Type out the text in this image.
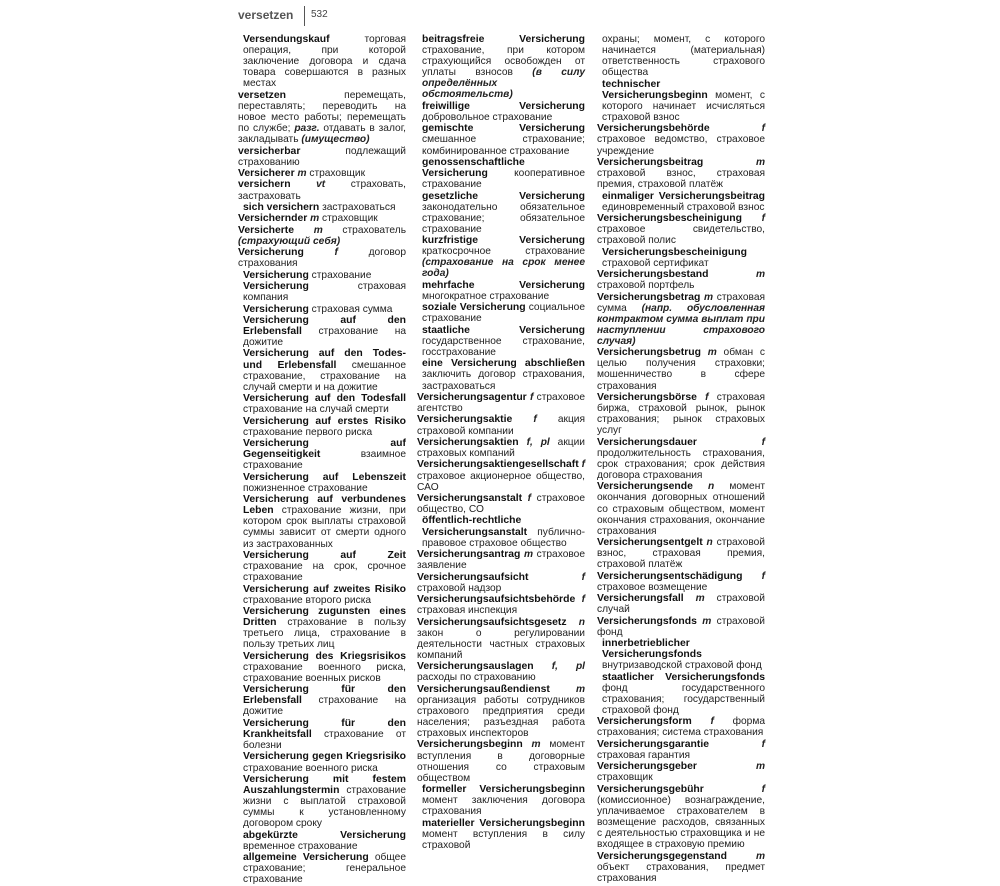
versetzen 532
Versendungskauf торговая операция, при которой заключение договора и сдача товара совершаются в разных местах
versetzen перемещать, переставлять; переводить на новое место работы; перемещать по службе; разг. отдавать в залог, закладывать (имущество)
versicherbar подлежащий страхованию
Versicherer m страховщик
versichern vt страховать, застраховать
sich versichern застраховаться
Versichernder m страховщик
Versicherte m страхователь (страхующий себя)
Versicherung f договор страхования
Versicherung страхование
Versicherung страховая компания
Versicherung страховая сумма
Versicherung auf den Erlebensfall страхование на дожитие
Versicherung auf den Todes- und Erlebensfall смешанное страхование, страхование на случай смерти и на дожитие
Versicherung auf den Todesfall страхование на случай смерти
Versicherung auf erstes Risiko страхование первого риска
Versicherung auf Gegenseitigkeit взаимное страхование
Versicherung auf Lebenszeit пожизненное страхование
Versicherung auf verbundenes Leben страхование жизни, при котором срок выплаты страховой суммы зависит от смерти одного из застрахованных
Versicherung auf Zeit страхование на срок, срочное страхование
Versicherung auf zweites Risiko страхование второго риска
Versicherung zugunsten eines Dritten страхование в пользу третьего лица, страхование в пользу третьих лиц
Versicherung des Kriegsrisikos страхование военного риска, страхование военных рисков
Versicherung für den Erlebensfall страхование на дожитие
Versicherung für den Krankheitsfall страхование от болезни
Versicherung gegen Kriegsrisiko страхование военного риска
Versicherung mit festem Auszahlungstermin страхование жизни с выплатой страховой суммы к установленному договором сроку
abgekürzte Versicherung временное страхование
allgemeine Versicherung общее страхование; генеральное страхование
beitragsfreie Versicherung страхование, при котором страхующийся освобожден от уплаты взносов (в силу определённых обстоятельств)
freiwillige Versicherung добровольное страхование
gemischte Versicherung смешанное страхование; комбинированное страхование
genossenschaftliche Versicherung кооперативное страхование
gesetzliche Versicherung законодательно обязательное страхование; обязательное страхование
kurzfristige Versicherung краткосрочное страхование (страхование на срок менее года)
mehrfache Versicherung многократное страхование
soziale Versicherung социальное страхование
staatliche Versicherung государственное страхование, госстрахование
eine Versicherung abschließen заключить договор страхования, застраховаться
Versicherungsagentur f страховое агентство
Versicherungsaktie f акция страховой компании
Versicherungsaktien f, pl акции страховых компаний
Versicherungsaktiengesellschaft f страховое акционерное общество, САО
Versicherungsanstalt f страховое общество, СО
öffentlich-rechtliche Versicherungsanstalt публично-правовое страховое общество
Versicherungsantrag m страховое заявление
Versicherungsaufsicht f страховой надзор
Versicherungsaufsichtsbehörde f страховая инспекция
Versicherungsaufsichtsgesetz n закон о регулировании деятельности частных страховых компаний
Versicherungsauslagen f, pl расходы по страхованию
Versicherungsaußendienst m организация работы сотрудников страхового предприятия среди населения; разъездная работа страховых инспекторов
Versicherungsbeginn m момент вступления в договорные отношения со страховым обществом
formeller Versicherungsbeginn момент заключения договора страхования
materieller Versicherungsbeginn момент вступления в силу страховой
охраны; момент, с которого начинается (материальная) ответственность страхового общества
technischer Versicherungsbeginn момент, с которого начинает исчисляться страховой взнос
Versicherungsbehörde f страховое ведомство, страховое учреждение
Versicherungsbeitrag m страховой взнос, страховая премия, страховой платёж
einmaliger Versicherungsbeitrag единовременный страховой взнос
Versicherungsbescheinigung f страховое свидетельство, страховой полис
Versicherungsbescheinigung страховой сертификат
Versicherungsbestand m страховой портфель
Versicherungsbetrag m страховая сумма (напр. обусловленная контрактом сумма выплат при наступлении страхового случая)
Versicherungsbetrug m обман с целью получения страховки; мошенничество в сфере страхования
Versicherungsbörse f страховая биржа, страховой рынок, рынок страхования; рынок страховых услуг
Versicherungsdauer f продолжительность страхования, срок страхования; срок действия договора страхования
Versicherungsende n момент окончания договорных отношений со страховым обществом, момент окончания страхования, окончание страхования
Versicherungsentgelt n страховой взнос, страховая премия, страховой платёж
Versicherungsentschädigung f страховое возмещение
Versicherungsfall m страховой случай
Versicherungsfonds m страховой фонд
innerbetrieblicher Versicherungsfonds внутризаводской страховой фонд
staatlicher Versicherungsfonds фонд государственного страхования; государственный страховой фонд
Versicherungsform f форма страхования; система страхования
Versicherungsgarantie f страховая гарантия
Versicherungsgeber m страховщик
Versicherungsgebühr f (комиссионное) вознаграждение, уплачиваемое страхователем в возмещение расходов, связанных с деятельностью страховщика и не входящее в страховую премию
Versicherungsgegenstand m объект страхования, предмет страхования
